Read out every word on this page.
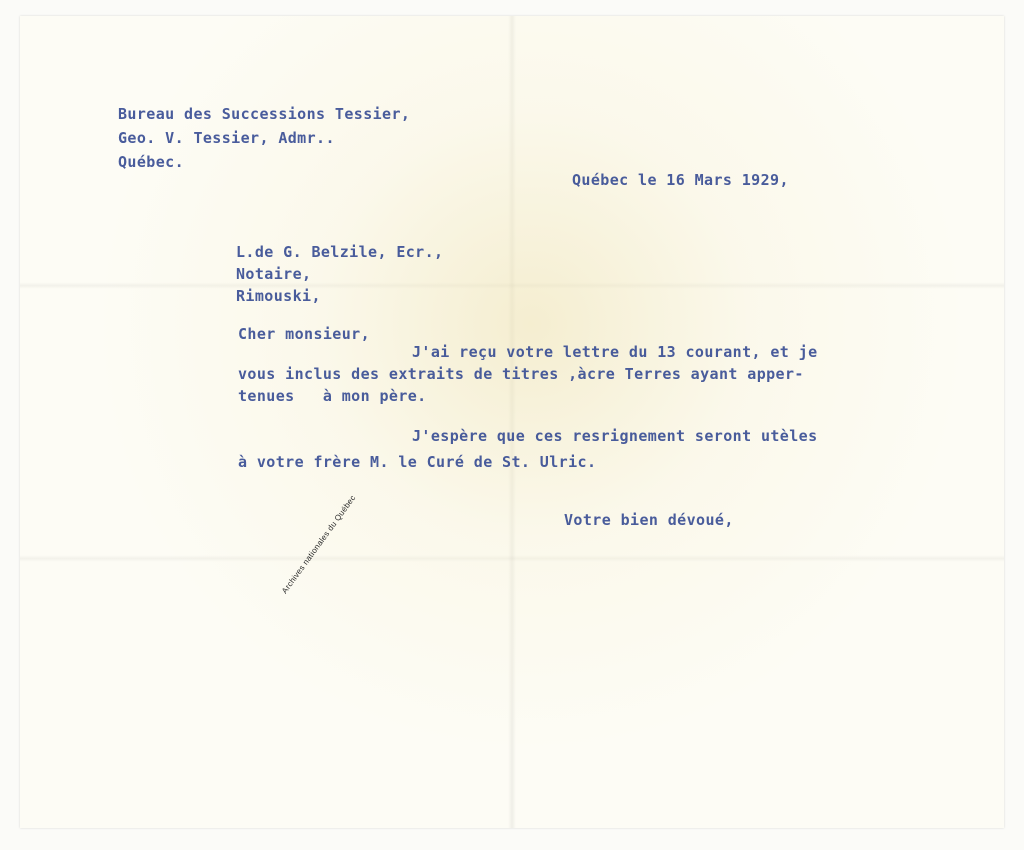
Bureau des Successions Tessier,
Geo. V. Tessier, Admr..
Québec.
Québec le 16 Mars 1929,
L.de G. Belzile, Ecr.,
Notaire,
Rimouski,
Cher monsieur,
J'ai reçu votre lettre du 13 courant, et je
vous inclus des extraits de titres ,àcre Terres ayant apper-
tenues   à mon père.
J'espère que ces resrignement seront utèles
à votre frère M. le Curé de St. Ulric.
Votre bien dévoué,
Archives nationales du Québec
